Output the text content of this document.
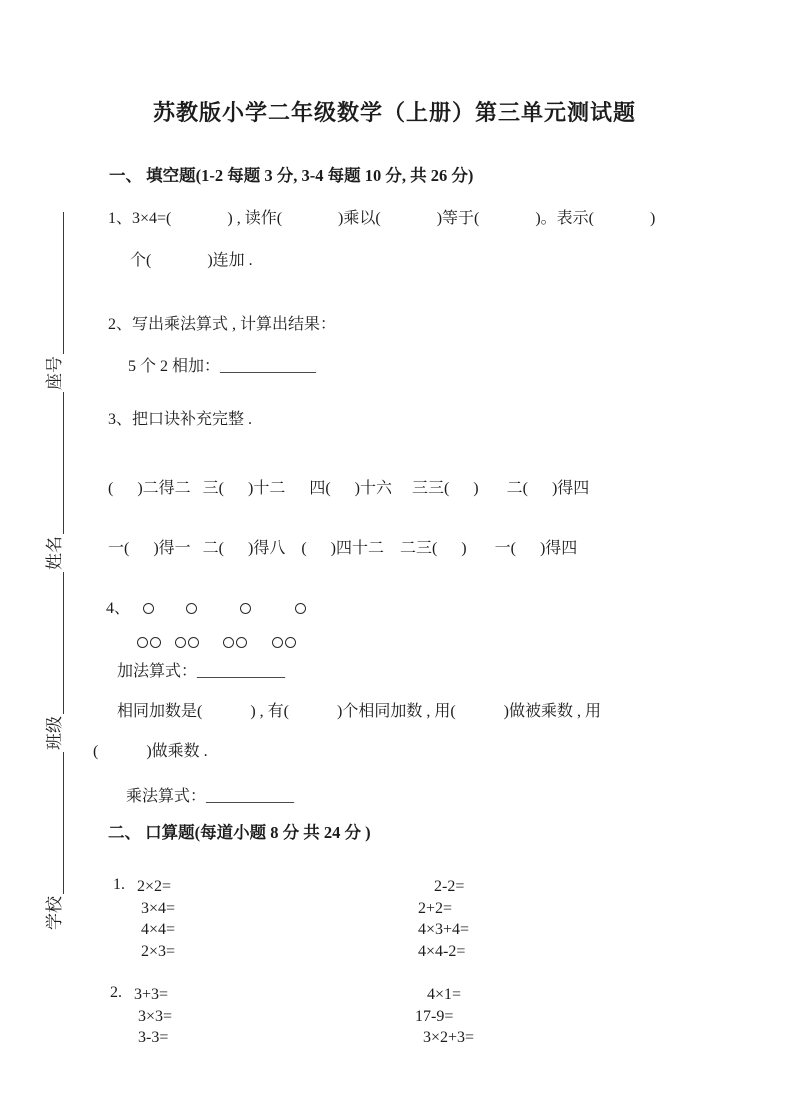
学校
班级
姓名
座号
苏教版小学二年级数学（上册）第三单元测试题
一、 填空题(1-2 每题 3 分, 3-4 每题 10 分, 共 26 分)
1、3×4=(              ) , 读作(              )乘以(              )等于(              )。表示(              )
个(              )连加 .
2、写出乘法算式 , 计算出结果：
5 个 2 相加：____________
3、把口诀补充完整 .
(      )二得二   三(      )十二      四(      )十六     三三(      )       二(      )得四
一(      )得一   二(      )得八    (      )四十二    二三(      )       一(      )得四
4、
加法算式：___________
相同加数是(            ) , 有(            )个相同加数 , 用(            )做被乘数 , 用
(            )做乘数 .
乘法算式：___________
二、 口算题(每道小题 8 分 共 24 分 )
1. 2×2=
3×4=
4×4=
2×3=
2-2=
2+2=
4×3+4=
4×4-2=
2. 3+3=
3×3=
3-3=
4×1=
17-9=
3×2+3=
